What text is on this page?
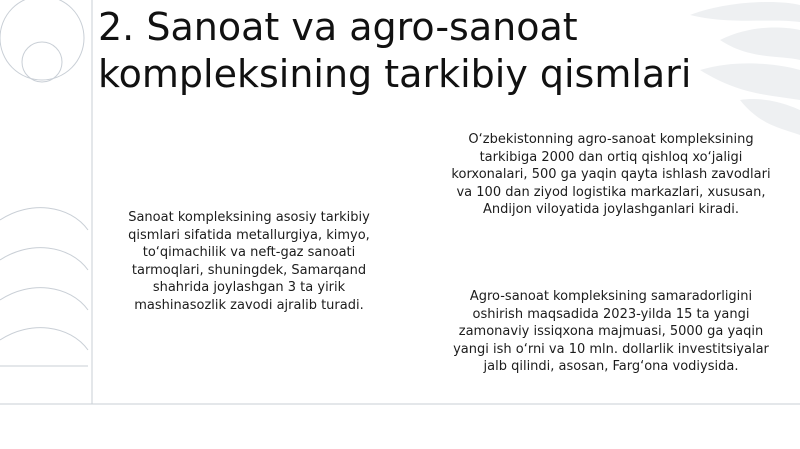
2. Sanoat va agro-sanoat kompleksining tarkibiy qismlari

Sanoat kompleksining asosiy tarkibiy qismlari sifatida metallurgiya, kimyo, to‘qimachilik va neft-gaz sanoati tarmoqlari, shuningdek, Samarqand shahrida joylashgan 3 ta yirik mashinasozlik zavodi ajralib turadi.

O‘zbekistonning agro-sanoat kompleksining tarkibiga 2000 dan ortiq qishloq xo‘jaligi korxonalari, 500 ga yaqin qayta ishlash zavodlari va 100 dan ziyod logistika markazlari, xususan, Andijon viloyatida joylashganlari kiradi.

Agro-sanoat kompleksining samaradorligini oshirish maqsadida 2023-yilda 15 ta yangi zamonaviy issiqxona majmuasi, 5000 ga yaqin yangi ish o‘rni va 10 mln. dollarlik investitsiyalar jalb qilindi, asosan, Farg‘ona vodiysida.
